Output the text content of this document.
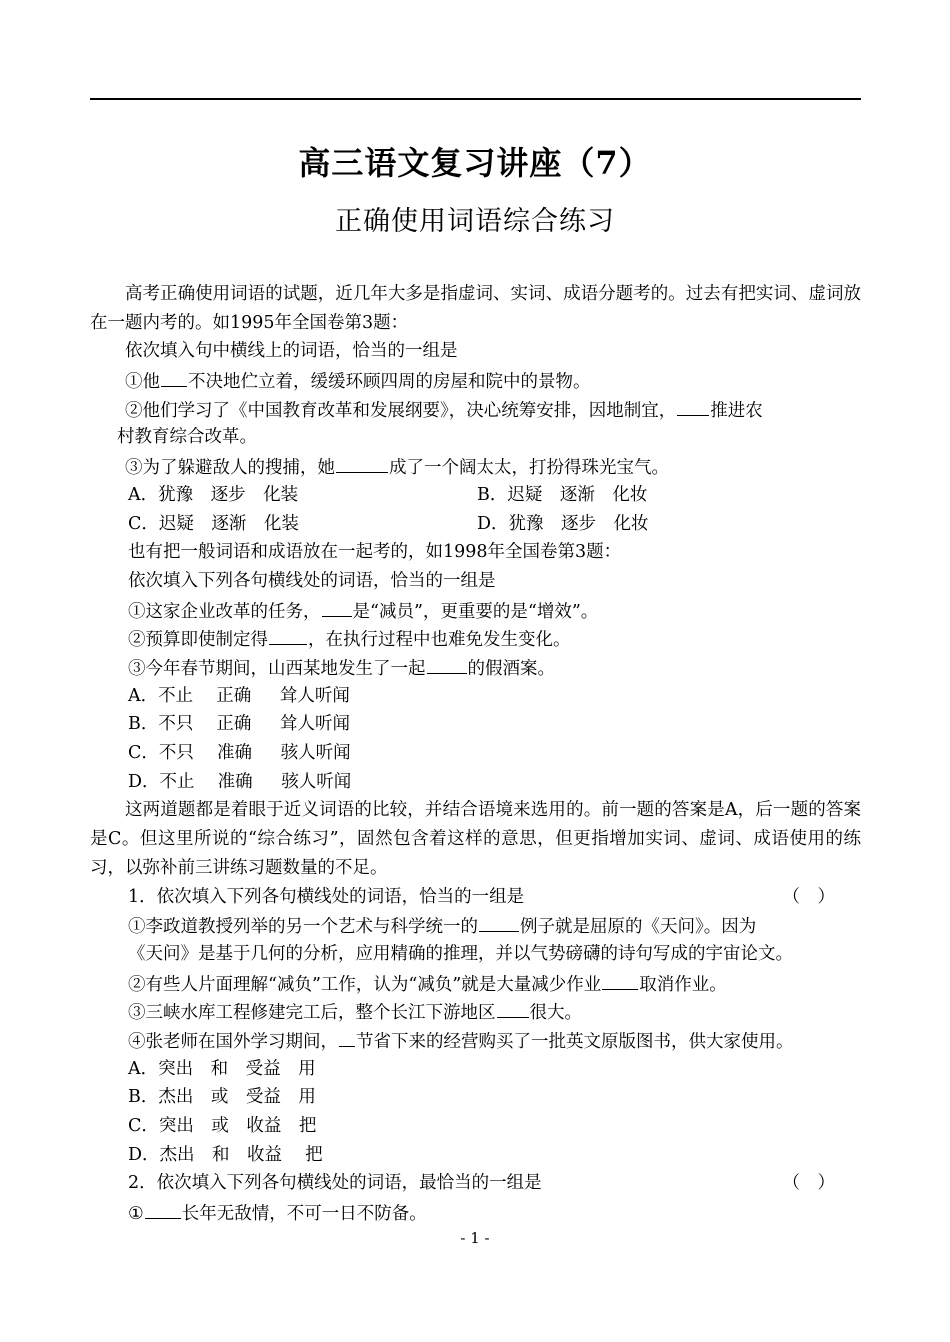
高三语文复习讲座（7）
正确使用词语综合练习
高考正确使用词语的试题，近几年大多是指虚词、实词、成语分题考的。过去有把实词、虚词放在一题内考的。如1995年全国卷第3题：
依次填入句中横线上的词语，恰当的一组是
①他 不决地伫立着，缓缓环顾四周的房屋和院中的景物。
②他们学习了《中国教育改革和发展纲要》，决心统筹安排，因地制宜， 推进农
村教育综合改革。
③为了躲避敌人的搜捕，她	成了一个阔太太，打扮得珠光宝气。
A．犹豫　逐步　化装	B．迟疑　逐渐　化妆
C．迟疑　逐渐　化装	D．犹豫　逐步　化妆
也有把一般词语和成语放在一起考的，如1998年全国卷第3题：
依次填入下列各句横线处的词语，恰当的一组是
①这家企业改革的任务， 是“减员”，更重要的是“增效”。
②预算即使制定得 ，在执行过程中也难免发生变化。
③今年春节期间，山西某地发生了一起 的假酒案。
A．不止　 正确　  耸人听闻
B．不只　 正确　  耸人听闻
C．不只　 准确　  骇人听闻
D．不止　 准确　  骇人听闻
这两道题都是着眼于近义词语的比较，并结合语境来选用的。前一题的答案是A，后一题的答案是C。但这里所说的“综合练习”，固然包含着这样的意思，但更指增加实词、虚词、成语使用的练习，以弥补前三讲练习题数量的不足。
1．依次填入下列各句横线处的词语，恰当的一组是	（　）
①李政道教授列举的另一个艺术与科学统一的 例子就是屈原的《天问》。因为
《天问》是基于几何的分析，应用精确的推理，并以气势磅礴的诗句写成的宇宙论文。
②有些人片面理解“减负”工作，认为“减负”就是大量减少作业 取消作业。
③三峡水库工程修建完工后，整个长江下游地区 很大。
④张老师在国外学习期间， 节省下来的经营购买了一批英文原版图书，供大家使用。
A．突出　和　受益　用
B．杰出　或　受益　用
C．突出　或　收益　把
D．杰出　和　收益　 把
2．依次填入下列各句横线处的词语，最恰当的一组是	（　）
① 长年无敌情，不可一日不防备。
- 1 -
